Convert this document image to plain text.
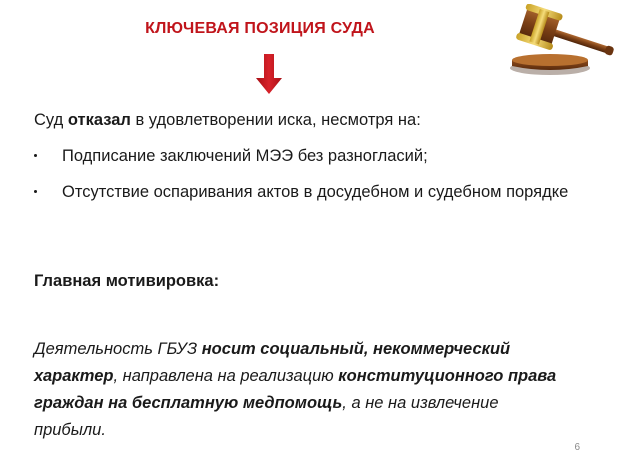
КЛЮЧЕВАЯ ПОЗИЦИЯ СУДА
Суд отказал в удовлетворении иска, несмотря на:
Подписание заключений МЭЭ без разногласий;
Отсутствие оспаривания актов в досудебном и судебном порядке
Главная мотивировка:
Деятельность ГБУЗ носит социальный, некоммерческий характер, направлена на реализацию конституционного права граждан на бесплатную медпомощь, а не на извлечение прибыли.
6
